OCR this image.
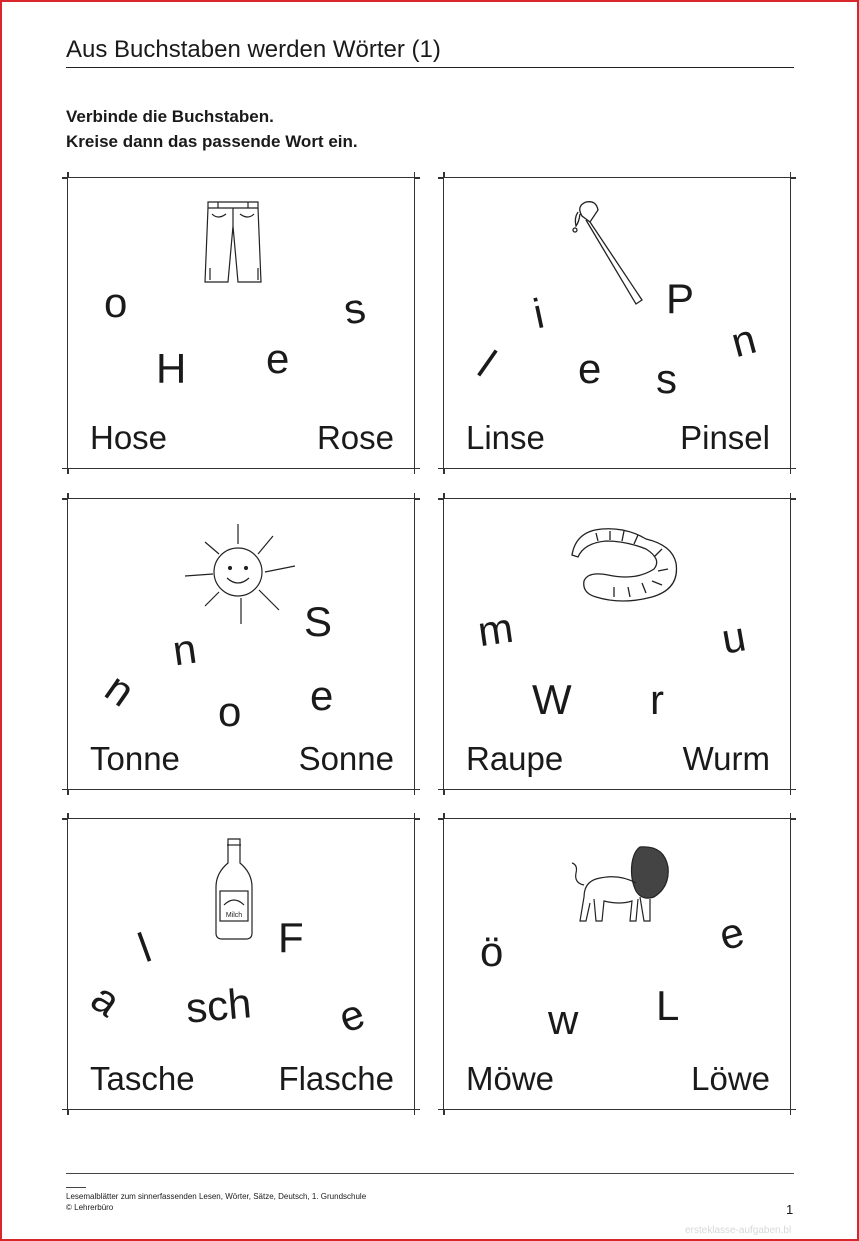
Aus Buchstaben werden Wörter (1)
Verbinde die Buchstaben.
Kreise dann das passende Wort ein.
o
H e
s
Hose	Rose
i
l e s
P
n
Linse	Pinsel
n
n o e
S
Tonne	Sonne
m
W r
u
Raupe	Wurm
Milch
l
a sch
F
e
Tasche	Flasche
ö
w L
e
Möwe	Löwe
Lesemalblätter zum sinnerfassenden Lesen, Wörter, Sätze, Deutsch, 1. Grundschule
© Lehrerbüro	1
ersteklasse-aufgaben.bl
